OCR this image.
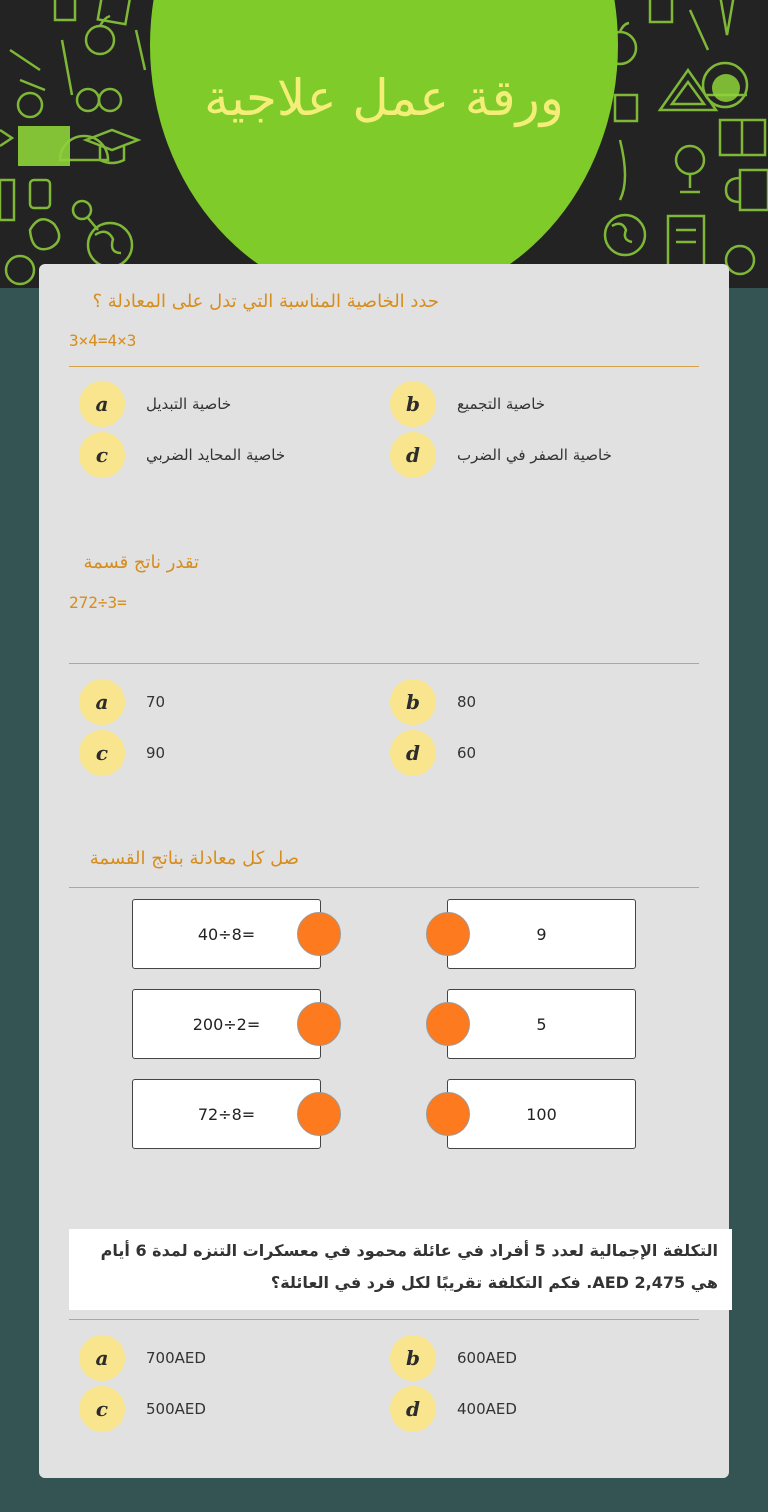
ورقة عمل علاجية
حدد الخاصية المناسبة التي تدل على المعادلة ؟
3×4=4×3
a	خاصية التبديل	b	خاصية التجميع
c	خاصية المحايد الضربي	d	خاصية الصفر في الضرب
تقدر ناتج قسمة
272÷3=
a	70	b	80
c	90	d	60
صل كل معادلة بناتج القسمة
40÷8=	9
200÷2=	5
72÷8=	100
التكلفة الإجمالية لعدد 5 أفراد في عائلة محمود في معسكرات التنزه لمدة 6 أيام هي AED 2,475. فكم التكلفة تقريبًا لكل فرد في العائلة؟
a	700AED	b	600AED
c	500AED	d	400AED
